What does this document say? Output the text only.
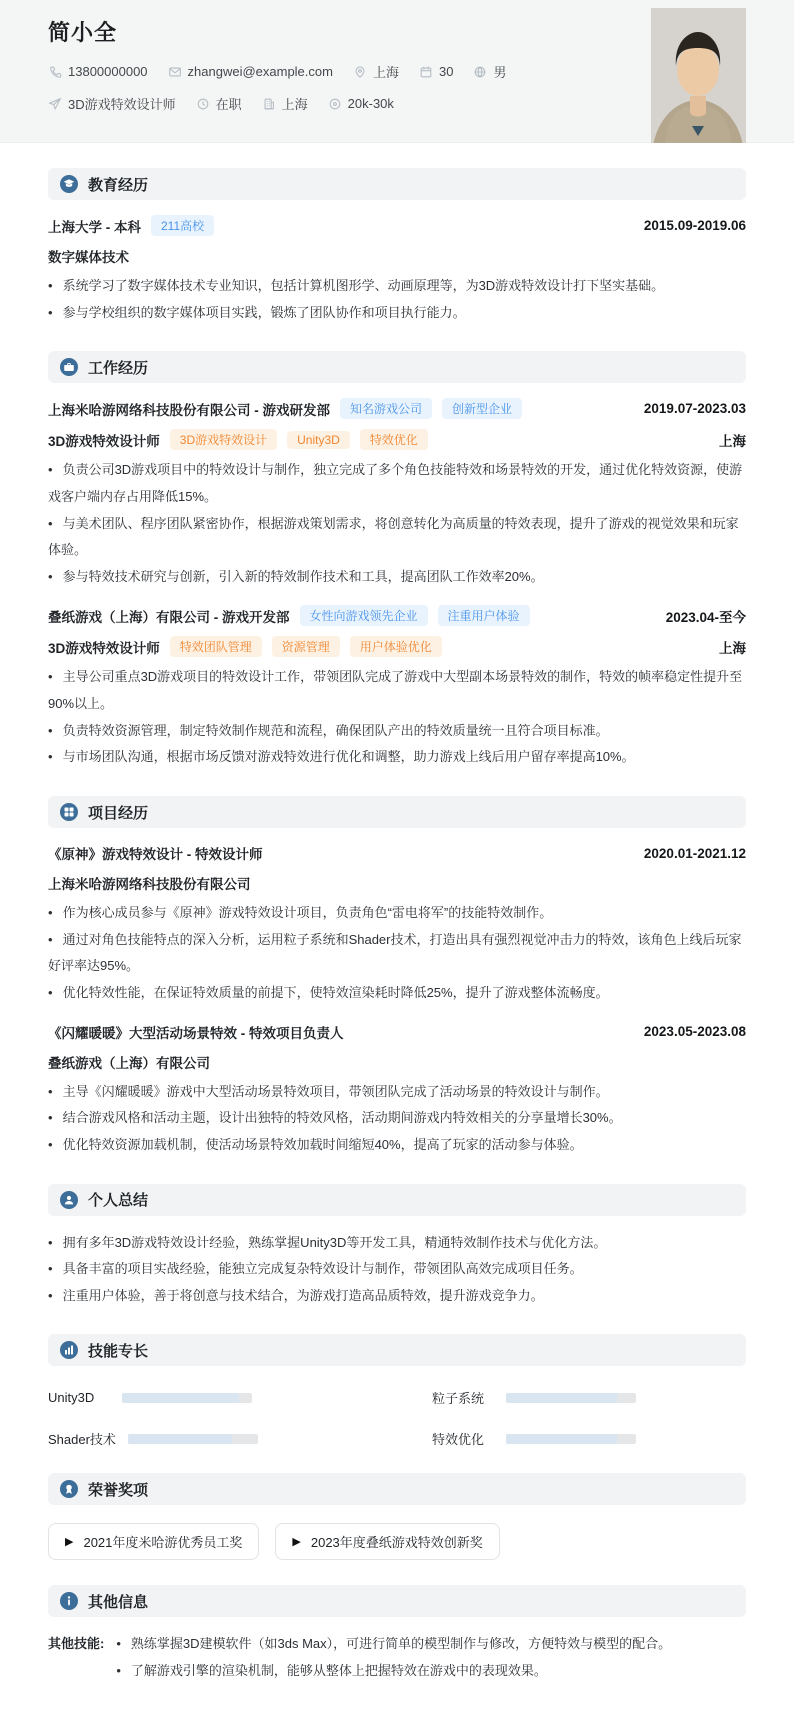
简小全
13800000000	zhangwei@example.com	上海	30	男
3D游戏特效设计师	在职	上海	20k-30k
教育经历
上海大学 - 本科	211高校	2015.09-2019.06
数字媒体技术

• 系统学习了数字媒体技术专业知识，包括计算机图形学、动画原理等，为3D游戏特效设计打下坚实基础。

• 参与学校组织的数字媒体项目实践，锻炼了团队协作和项目执行能力。

工作经历
上海米哈游网络科技股份有限公司 - 游戏研发部	知名游戏公司	创新型企业	2019.07-2023.03
3D游戏特效设计师	3D游戏特效设计	Unity3D	特效优化	上海

• 负责公司3D游戏项目中的特效设计与制作，独立完成了多个角色技能特效和场景特效的开发，通过优化特效资源，使游戏客户端内存占用降低15%。

• 与美术团队、程序团队紧密协作，根据游戏策划需求，将创意转化为高质量的特效表现，提升了游戏的视觉效果和玩家体验。

• 参与特效技术研究与创新，引入新的特效制作技术和工具，提高团队工作效率20%。

叠纸游戏（上海）有限公司 - 游戏开发部	女性向游戏领先企业	注重用户体验	2023.04-至今
3D游戏特效设计师	特效团队管理	资源管理	用户体验优化	上海

• 主导公司重点3D游戏项目的特效设计工作，带领团队完成了游戏中大型副本场景特效的制作，特效的帧率稳定性提升至90%以上。

• 负责特效资源管理，制定特效制作规范和流程，确保团队产出的特效质量统一且符合项目标准。

• 与市场团队沟通，根据市场反馈对游戏特效进行优化和调整，助力游戏上线后用户留存率提高10%。

项目经历
《原神》游戏特效设计 - 特效设计师	2020.01-2021.12
上海米哈游网络科技股份有限公司

• 作为核心成员参与《原神》游戏特效设计项目，负责角色“雷电将军”的技能特效制作。

• 通过对角色技能特点的深入分析，运用粒子系统和Shader技术，打造出具有强烈视觉冲击力的特效，该角色上线后玩家好评率达95%。

• 优化特效性能，在保证特效质量的前提下，使特效渲染耗时降低25%，提升了游戏整体流畅度。

《闪耀暖暖》大型活动场景特效 - 特效项目负责人	2023.05-2023.08
叠纸游戏（上海）有限公司

• 主导《闪耀暖暖》游戏中大型活动场景特效项目，带领团队完成了活动场景的特效设计与制作。

• 结合游戏风格和活动主题，设计出独特的特效风格，活动期间游戏内特效相关的分享量增长30%。

• 优化特效资源加载机制，使活动场景特效加载时间缩短40%，提高了玩家的活动参与体验。

个人总结

• 拥有多年3D游戏特效设计经验，熟练掌握Unity3D等开发工具，精通特效制作技术与优化方法。

• 具备丰富的项目实战经验，能独立完成复杂特效设计与制作，带领团队高效完成项目任务。

• 注重用户体验，善于将创意与技术结合，为游戏打造高品质特效，提升游戏竞争力。

技能专长
Unity3D	粒子系统
Shader技术	特效优化
荣誉奖项
▶ 2021年度米哈游优秀员工奖	▶ 2023年度叠纸游戏特效创新奖
其他信息
其他技能: • 熟练掌握3D建模软件（如3ds Max），可进行简单的模型制作与修改，方便特效与模型的配合。

• 了解游戏引擎的渲染机制，能够从整体上把握特效在游戏中的表现效果。
